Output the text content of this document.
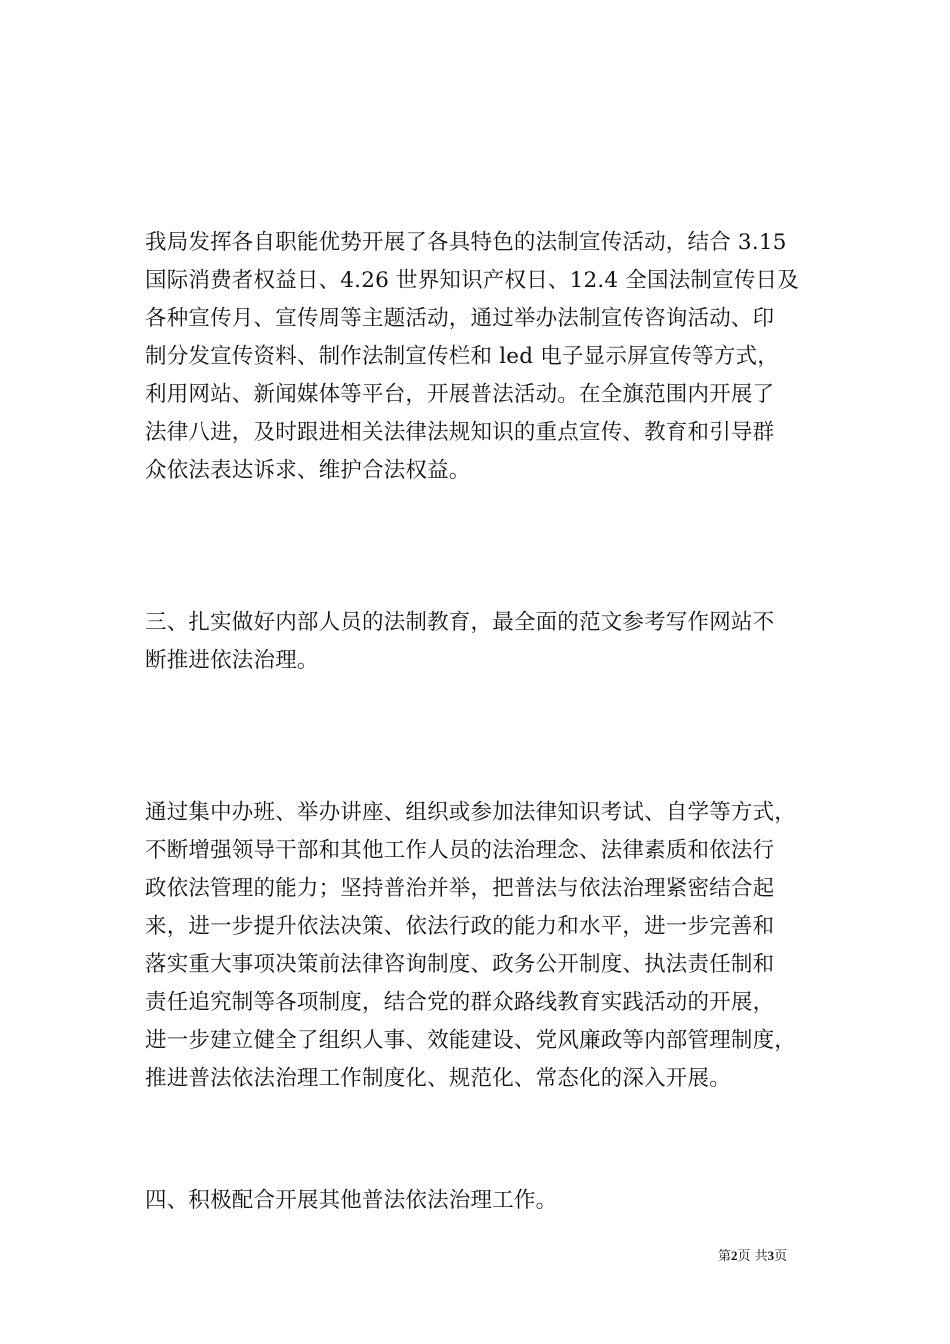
我局发挥各自职能优势开展了各具特色的法制宣传活动，结合 3.15
国际消费者权益日、4.26 世界知识产权日、12.4 全国法制宣传日及
各种宣传月、宣传周等主题活动，通过举办法制宣传咨询活动、印
制分发宣传资料、制作法制宣传栏和 led 电子显示屏宣传等方式，
利用网站、新闻媒体等平台，开展普法活动。在全旗范围内开展了
法律八进，及时跟进相关法律法规知识的重点宣传、教育和引导群
众依法表达诉求、维护合法权益。
三、扎实做好内部人员的法制教育，最全面的范文参考写作网站不
断推进依法治理。
通过集中办班、举办讲座、组织或参加法律知识考试、自学等方式，
不断增强领导干部和其他工作人员的法治理念、法律素质和依法行
政依法管理的能力；坚持普治并举，把普法与依法治理紧密结合起
来，进一步提升依法决策、依法行政的能力和水平，进一步完善和
落实重大事项决策前法律咨询制度、政务公开制度、执法责任制和
责任追究制等各项制度，结合党的群众路线教育实践活动的开展，
进一步建立健全了组织人事、效能建设、党风廉政等内部管理制度，
推进普法依法治理工作制度化、规范化、常态化的深入开展。
四、积极配合开展其他普法依法治理工作。
第2页 共3页
